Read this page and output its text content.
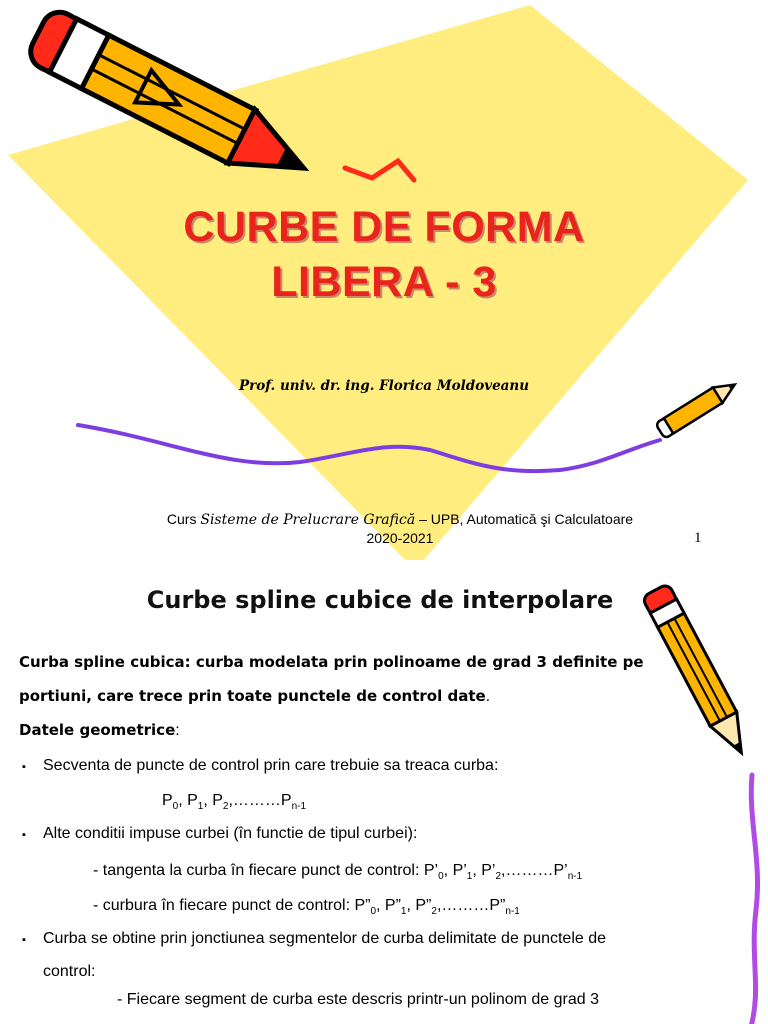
CURBE DE FORMA
LIBERA - 3
Prof. univ. dr. ing. Florica Moldoveanu
Curs Sisteme de Prelucrare Grafică – UPB, Automatică şi Calculatoare
2020-2021	1
Curbe spline cubice de interpolare
Curba spline cubica: curba modelata prin polinoame de grad 3 definite pe
portiuni, care trece prin toate punctele de control date.
Datele geometrice:
▪ Secventa de puncte de control prin care trebuie sa treaca curba:
$P_0$, $P_1$, $P_2,\dots\dots\dots P_{n-1}$
▪ Alte conditii impuse curbei (în functie de tipul curbei):
- tangenta la curba în fiecare punct de control: $P’_0$, $P’_1$, $P’_2,\dots\dots\dots P’_{n-1}$
- curbura în fiecare punct de control: $P”_0$, $P”_1$, $P”_2,\dots\dots\dots P”_{n-1}$
▪ Curba se obtine prin jonctiunea segmentelor de curba delimitate de punctele de
control:
- Fiecare segment de curba este descris printr-un polinom de grad 3
